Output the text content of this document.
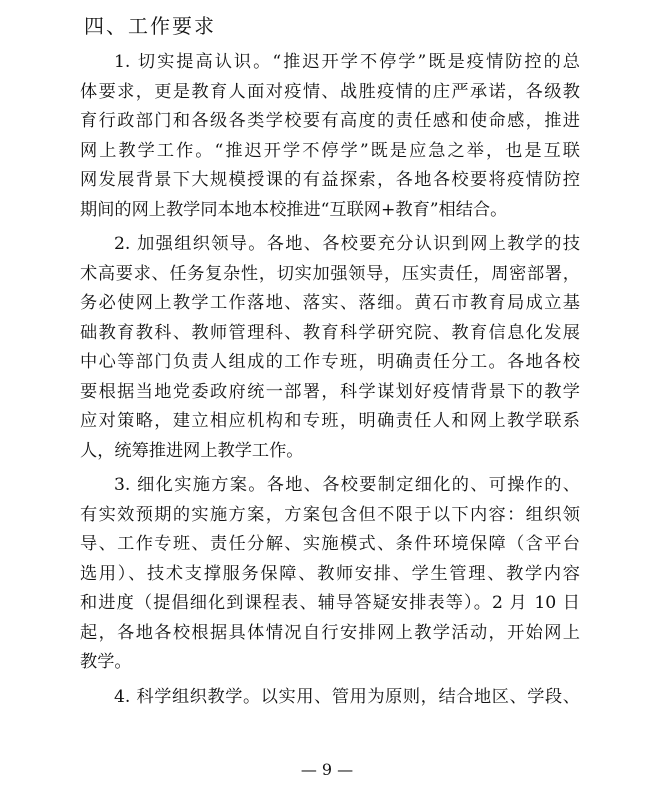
四、工作要求
1. 切实提高认识。“推迟开学不停学”既是疫情防控的总
体要求，更是教育人面对疫情、战胜疫情的庄严承诺，各级教
育行政部门和各级各类学校要有高度的责任感和使命感，推进
网上教学工作。“推迟开学不停学”既是应急之举，也是互联
网发展背景下大规模授课的有益探索，各地各校要将疫情防控
期间的网上教学同本地本校推进“互联网+教育”相结合。
2. 加强组织领导。各地、各校要充分认识到网上教学的技
术高要求、任务复杂性，切实加强领导，压实责任，周密部署，
务必使网上教学工作落地、落实、落细。黄石市教育局成立基
础教育教科、教师管理科、教育科学研究院、教育信息化发展
中心等部门负责人组成的工作专班，明确责任分工。各地各校
要根据当地党委政府统一部署，科学谋划好疫情背景下的教学
应对策略，建立相应机构和专班，明确责任人和网上教学联系
人，统筹推进网上教学工作。
3. 细化实施方案。各地、各校要制定细化的、可操作的、
有实效预期的实施方案，方案包含但不限于以下内容：组织领
导、工作专班、责任分解、实施模式、条件环境保障（含平台
选用）、技术支撑服务保障、教师安排、学生管理、教学内容
和进度（提倡细化到课程表、辅导答疑安排表等）。2 月 10 日
起，各地各校根据具体情况自行安排网上教学活动，开始网上
教学。
4. 科学组织教学。以实用、管用为原则，结合地区、学段、
— 9 —
